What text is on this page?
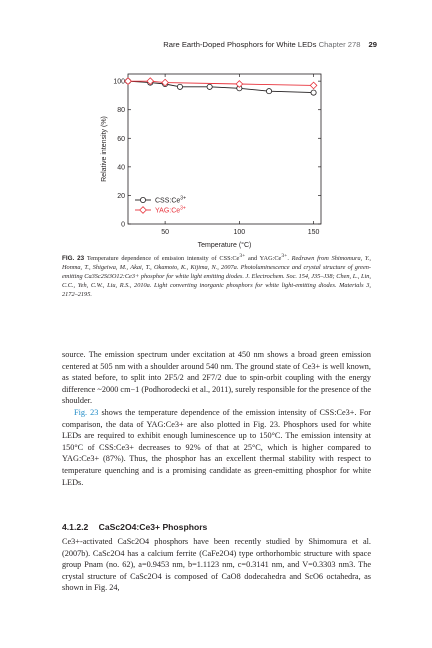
Rare Earth-Doped Phosphors for White LEDs Chapter 278 29
0
20
40
60
80
100
50	100	150
Temperature (°C)
Relative intensity (%)
$CSS:Ce^{3+}$
$YAG:Ce^{3+}$
FIG. 23 Temperature dependence of emission intensity of $CSS:Ce^{3+}$ and $YAG:Ce^{3+}$. Redrawn from Shimomura, Y., Honma, T., Shigeiwa, M., Akai, T., Okamoto, K., Kijima, N., 2007a. Photoluminescence and crystal structure of green-emitting Ca3Sc2Si3O12:Ce3+ phosphor for white light emitting diodes. J. Electrochem. Soc. 154, J35–J38; Chen, L., Lin, C.C., Yeh, C.W., Liu, R.S., 2010a. Light converting inorganic phosphors for white light-emitting diodes. Materials 3, 2172–2195.

source. The emission spectrum under excitation at 450 nm shows a broad green emission centered at 505 nm with a shoulder around 540 nm. The ground state of Ce3+ is well known, as stated before, to split into 2F5/2 and 2F7/2 due to spin-orbit coupling with the energy difference ~2000 cm−1 (Podhorodecki et al., 2011), surely responsible for the presence of the shoulder.

Fig. 23 shows the temperature dependence of the emission intensity of CSS:Ce3+. For comparison, the data of YAG:Ce3+ are also plotted in Fig. 23. Phosphors used for white LEDs are required to exhibit enough luminescence up to 150°C. The emission intensity at 150°C of CSS:Ce3+ decreases to 92% of that at 25°C, which is higher compared to YAG:Ce3+ (87%). Thus, the phosphor has an excellent thermal stability with respect to temperature quenching and is a promising candidate as green-emitting phosphor for white LEDs.

4.1.2.2 CaSc2O4:Ce3+ Phosphors

Ce3+-activated CaSc2O4 phosphors have been recently studied by Shimomura et al. (2007b). CaSc2O4 has a calcium ferrite (CaFe2O4) type orthorhombic structure with space group Pnam (no. 62), a=0.9453 nm, b=1.1123 nm, c=0.3141 nm, and V=0.3303 nm3. The crystal structure of CaSc2O4 is composed of CaO8 dodecahedra and ScO6 octahedra, as shown in Fig. 24,
